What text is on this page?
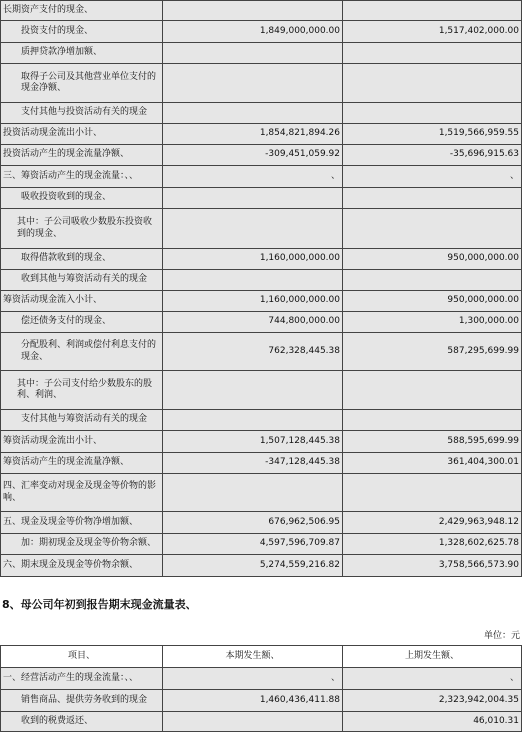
长期资产支付的现金、		
投资支付的现金、	1,849,000,000.00	1,517,402,000.00
质押贷款净增加额、		
取得子公司及其他营业单位支付的现金净额、		
支付其他与投资活动有关的现金		
投资活动现金流出小计、	1,854,821,894.26	1,519,566,959.55
投资活动产生的现金流量净额、	-309,451,059.92	-35,696,915.63
三、筹资活动产生的现金流量：、、	、	、
吸收投资收到的现金、		
其中：子公司吸收少数股东投资收到的现金、		
取得借款收到的现金、	1,160,000,000.00	950,000,000.00
收到其他与筹资活动有关的现金		
筹资活动现金流入小计、	1,160,000,000.00	950,000,000.00
偿还债务支付的现金、	744,800,000.00	1,300,000.00
分配股利、利润或偿付利息支付的现金、	762,328,445.38	587,295,699.99
其中：子公司支付给少数股东的股利、利润、		
支付其他与筹资活动有关的现金		
筹资活动现金流出小计、	1,507,128,445.38	588,595,699.99
筹资活动产生的现金流量净额、	-347,128,445.38	361,404,300.01
四、汇率变动对现金及现金等价物的影响、		
五、现金及现金等价物净增加额、	676,962,506.95	2,429,963,948.12
加：期初现金及现金等价物余额、	4,597,596,709.87	1,328,602,625.78
六、期末现金及现金等价物余额、	5,274,559,216.82	3,758,566,573.90
8、母公司年初到报告期末现金流量表、
单位：元
项目、	本期发生额、	上期发生额、
一、经营活动产生的现金流量：、、	、	、
销售商品、提供劳务收到的现金	1,460,436,411.88	2,323,942,004.35
收到的税费返还、		46,010.31
